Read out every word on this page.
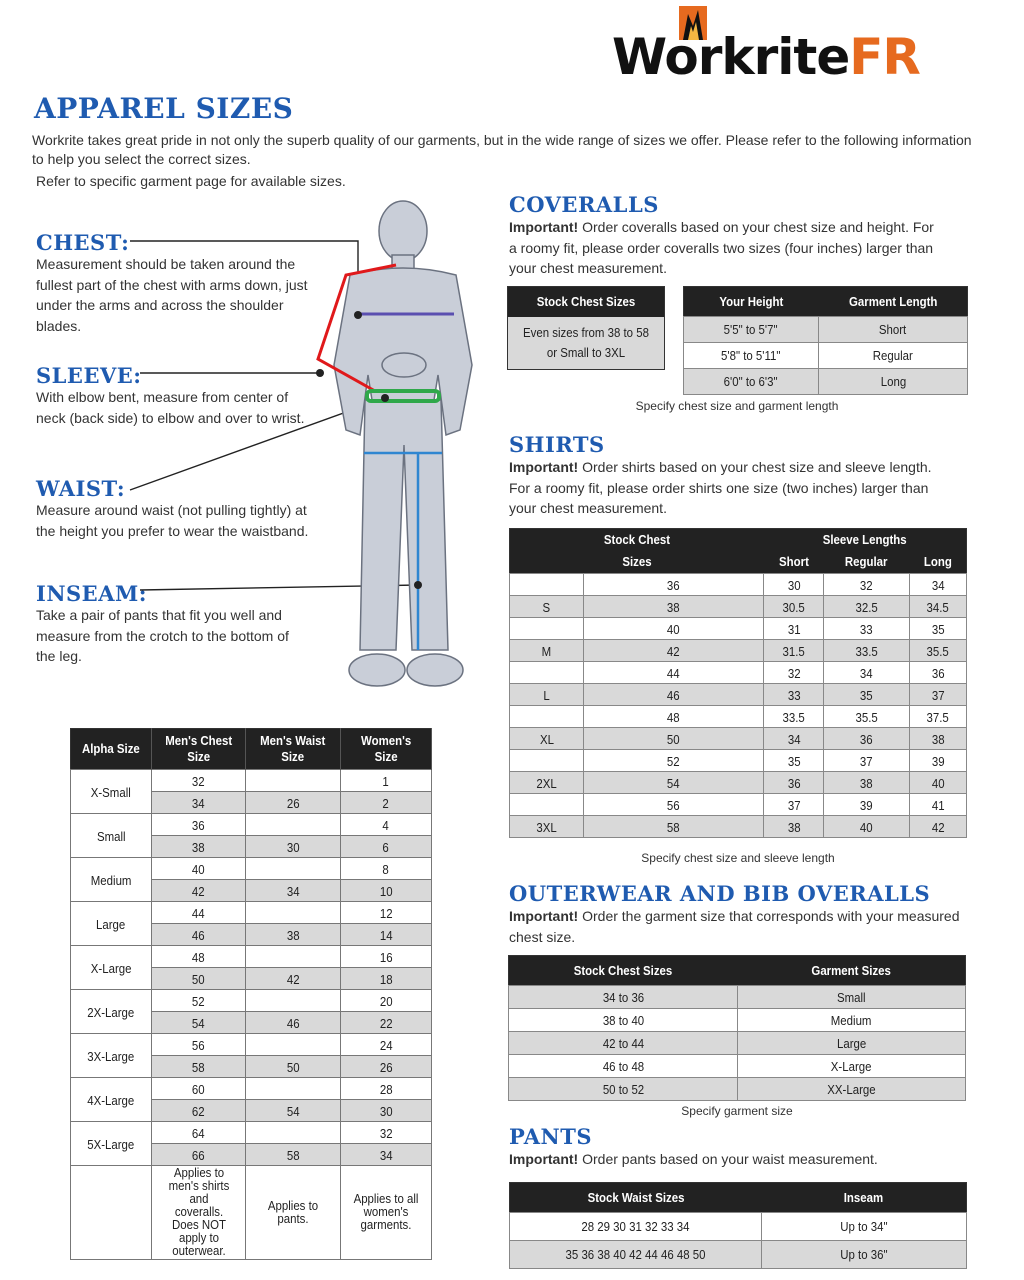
WorkriteFR
APPAREL SIZES
Workrite takes great pride in not only the superb quality of our garments, but in the wide range of sizes we offer. Please refer to the following information to help you select the correct sizes.
Refer to specific garment page for available sizes.
CHEST:
Measurement should be taken around the fullest part of the chest with arms down, just under the arms and across the shoulder blades.
SLEEVE:
With elbow bent, measure from center of neck (back side) to elbow and over to wrist.
WAIST:
Measure around waist (not pulling tightly) at the height you prefer to wear the waistband.
INSEAM:
Take a pair of pants that fit you well and measure from the crotch to the bottom of the leg.
Alpha Size	Men's Chest Size	Men's Waist Size	Women's Size
X-Small	32		1
	34	26	2
Small	36		4
	38	30	6
Medium	40		8
	42	34	10
Large	44		12
	46	38	14
X-Large	48		16
	50	42	18
2X-Large	52		20
	54	46	22
3X-Large	56		24
	58	50	26
4X-Large	60		28
	62	54	30
5X-Large	64		32
	66	58	34
	Applies to men's shirts and coveralls. Does NOT apply to outerwear.	Applies to pants.	Applies to all women's garments.
COVERALLS
Important! Order coveralls based on your chest size and height. For a roomy fit, please order coveralls two sizes (four inches) larger than your chest measurement.
Stock Chest Sizes
Even sizes from 38 to 58 or Small to 3XL
Your Height	Garment Length
5'5" to 5'7"	Short
5'8" to 5'11"	Regular
6'0" to 6'3"	Long
Specify chest size and garment length
SHIRTS
Important! Order shirts based on your chest size and sleeve length. For a roomy fit, please order shirts one size (two inches) larger than your chest measurement.
Stock Chest Sizes		Sleeve Lengths		
		Short	Regular	Long
	36	30	32	34
S	38	30.5	32.5	34.5
	40	31	33	35
M	42	31.5	33.5	35.5
	44	32	34	36
L	46	33	35	37
	48	33.5	35.5	37.5
XL	50	34	36	38
	52	35	37	39
2XL	54	36	38	40
	56	37	39	41
3XL	58	38	40	42
Specify chest size and sleeve length
OUTERWEAR AND BIB OVERALLS
Important! Order the garment size that corresponds with your measured chest size.
Stock Chest Sizes	Garment Sizes
34 to 36	Small
38 to 40	Medium
42 to 44	Large
46 to 48	X-Large
50 to 52	XX-Large
Specify garment size
PANTS
Important! Order pants based on your waist measurement.
Stock Waist Sizes	Inseam
28 29 30 31 32 33 34	Up to 34"
35 36 38 40 42 44 46 48 50	Up to 36"
